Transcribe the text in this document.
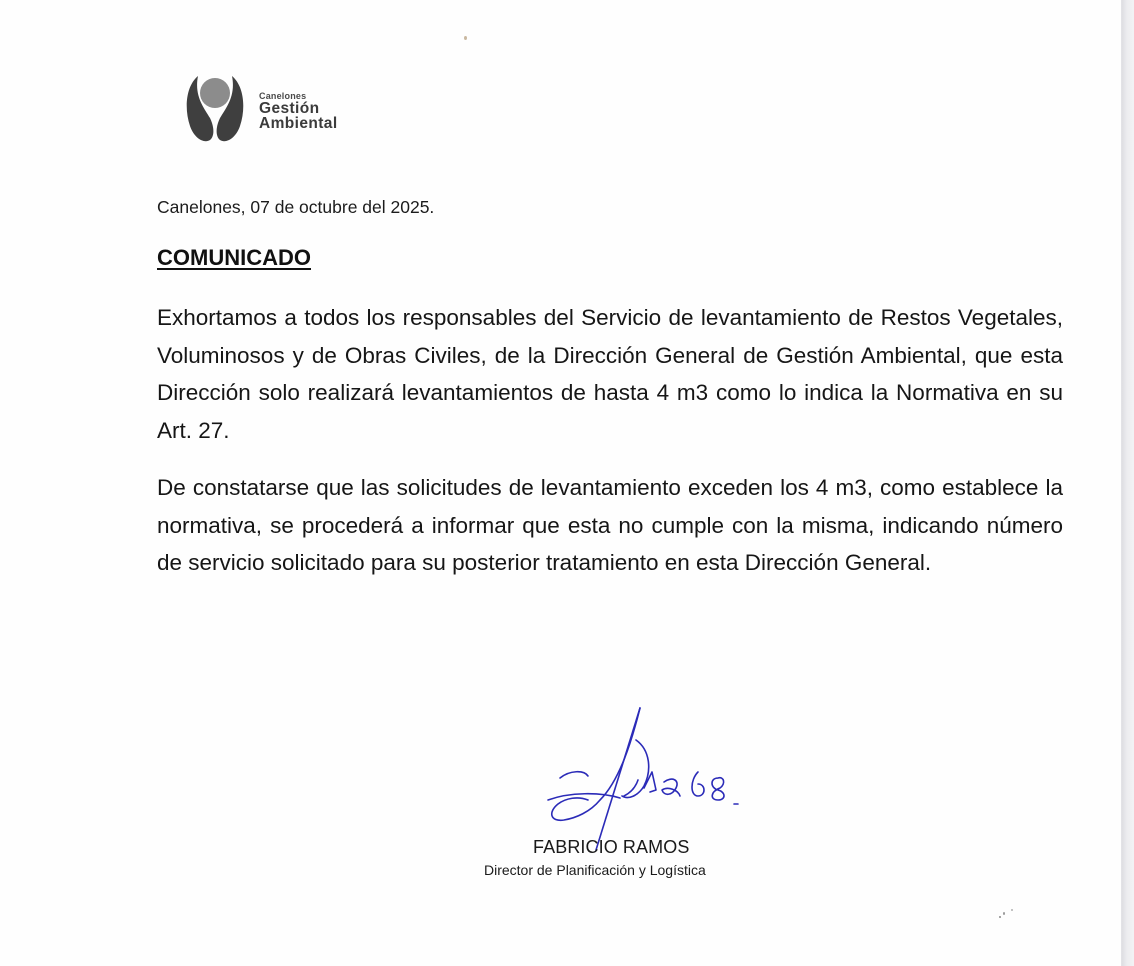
Canelones
Gestión
Ambiental
Canelones, 07 de octubre del 2025.
COMUNICADO

Exhortamos a todos los responsables del Servicio de levantamiento de Restos Vegetales, Voluminosos y de Obras Civiles, de la Dirección General de Gestión Ambiental, que esta Dirección solo realizará levantamientos de hasta 4 m3 como lo indica la Normativa en su Art. 27.

De constatarse que las solicitudes de levantamiento exceden los 4 m3, como establece la normativa, se procederá a informar que esta no cumple con la misma, indicando número de servicio solicitado para su posterior tratamiento en esta Dirección General.

4968.
FABRICIO RAMOS
Director de Planificación y Logística
